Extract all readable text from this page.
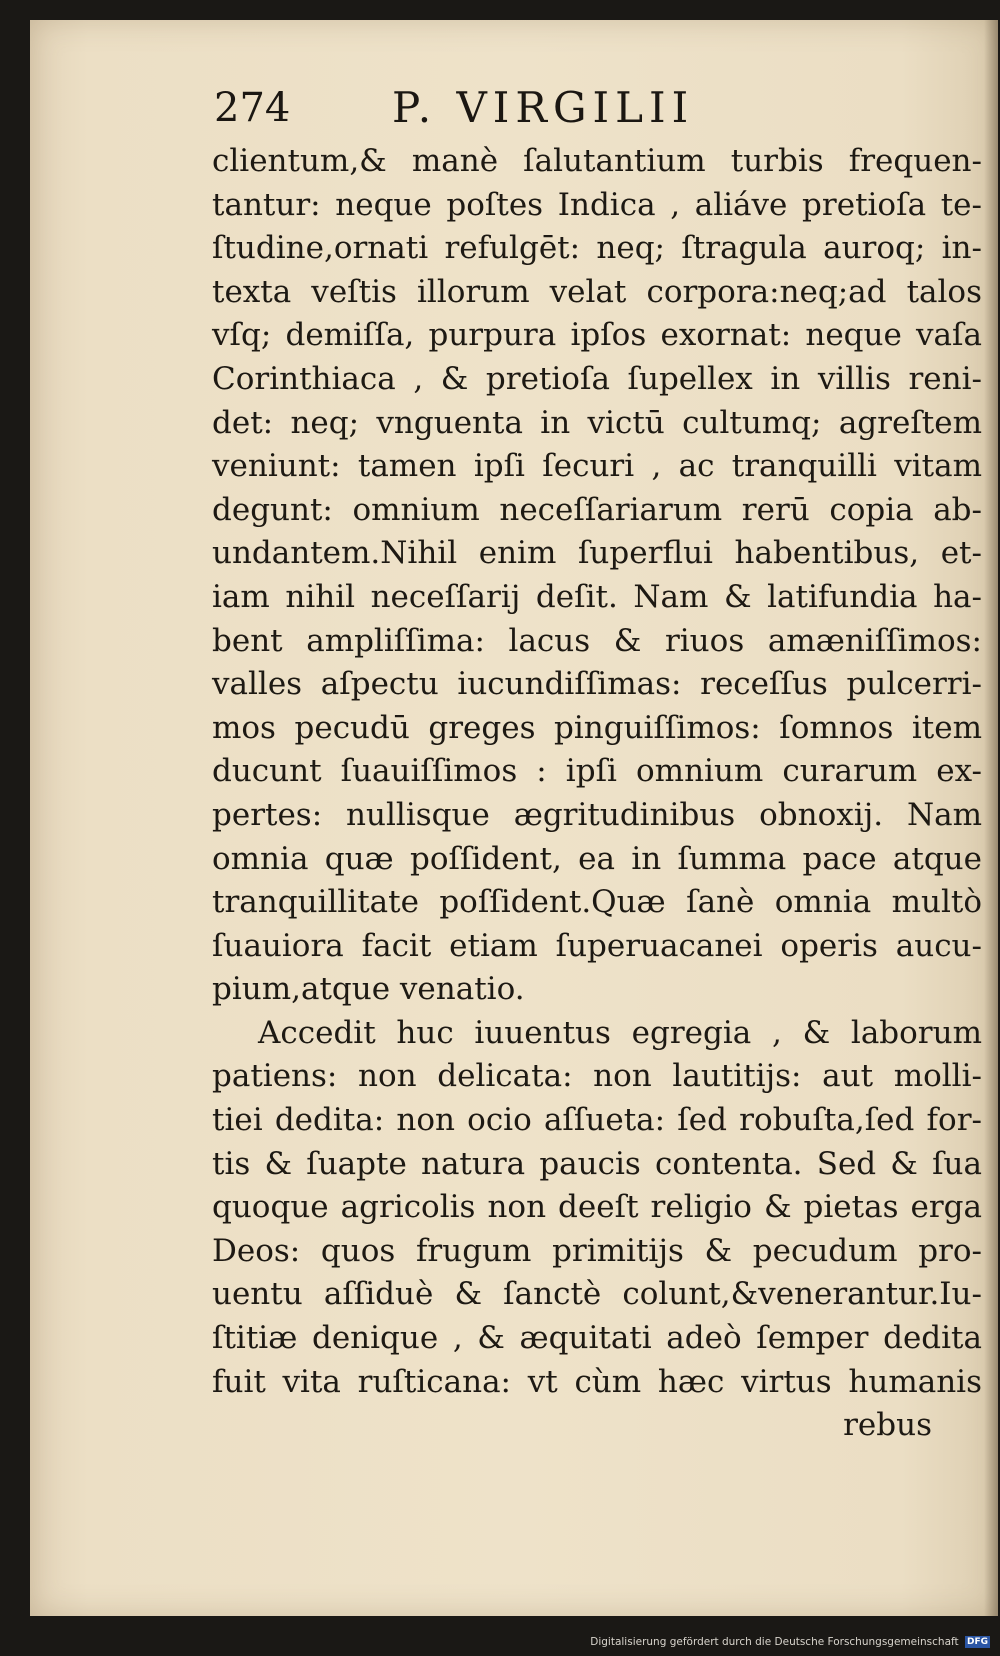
274 P. VIRGILII
clientum,& manè ſalutantium turbis frequen-
tantur: neque poſtes Indica , aliáve pretioſa te-
ſtudine,ornati refulgēt: neq; ſtragula auroq; in-
texta veſtis illorum velat corpora:neq;ad talos
vſq; demiſſa, purpura ipſos exornat: neque vaſa
Corinthiaca , & pretioſa ſupellex in villis reni-
det: neq; vnguenta in victū cultumq; agreſtem
veniunt: tamen ipſi ſecuri , ac tranquilli vitam
degunt: omnium neceſſariarum rerū copia ab-
undantem.Nihil enim ſuperflui habentibus, et-
iam nihil neceſſarij deſit. Nam & latifundia ha-
bent ampliſſima: lacus & riuos amæniſſimos:
valles aſpectu iucundiſſimas: receſſus pulcerri-
mos pecudū greges pinguiſſimos: ſomnos item
ducunt ſuauiſſimos : ipſi omnium curarum ex-
pertes: nullisque ægritudinibus obnoxij. Nam
omnia quæ poſſident, ea in ſumma pace atque
tranquillitate poſſident.Quæ ſanè omnia multò
ſuauiora facit etiam ſuperuacanei operis aucu-
pium,atque venatio.
Accedit huc iuuentus egregia , & laborum
patiens: non delicata: non lautitijs: aut molli-
tiei dedita: non ocio aſſueta: ſed robuſta,ſed for-
tis & ſuapte natura paucis contenta. Sed & ſua
quoque agricolis non deeſt religio & pietas erga
Deos: quos frugum primitijs & pecudum pro-
uentu aſſiduè & ſanctè colunt,&venerantur.Iu-
ſtitiæ denique , & æquitati adeò ſemper dedita
fuit vita ruſticana: vt cùm hæc virtus humanis
rebus
Digitalisierung gefördert durch die Deutsche Forschungsgemeinschaft DFG
